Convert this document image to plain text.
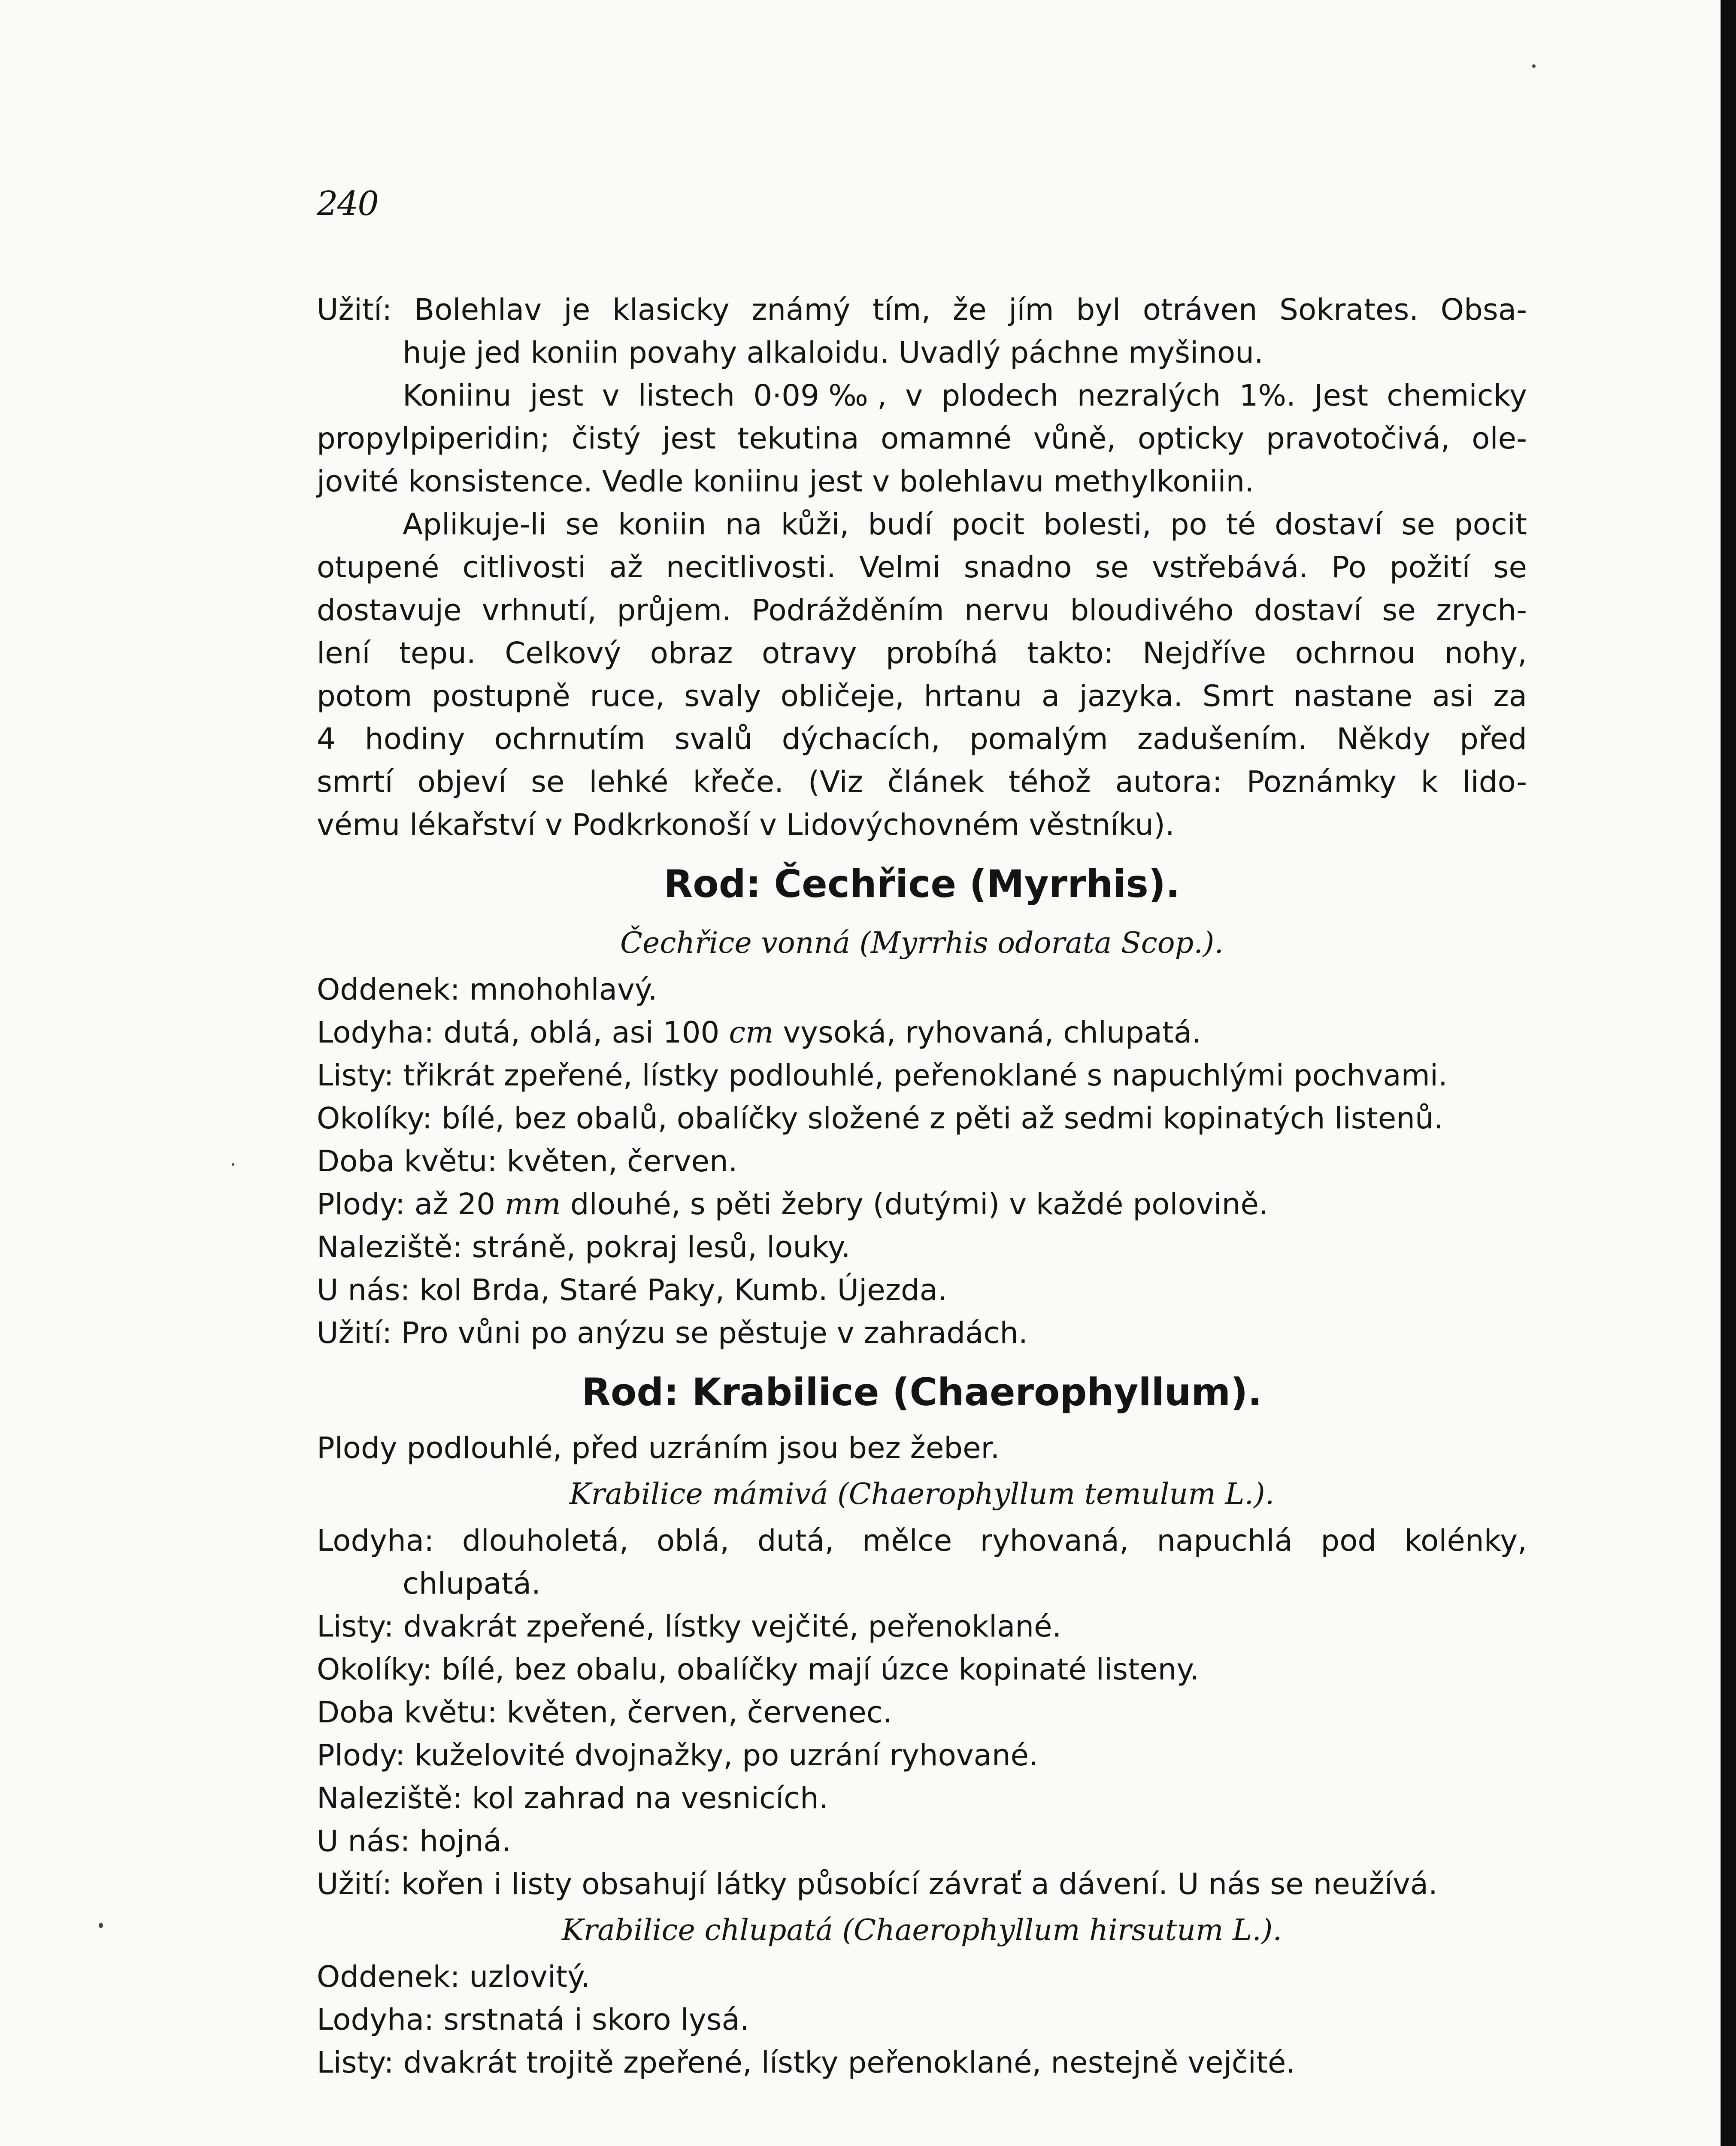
240

Užití: Bolehlav je klasicky známý tím, že jím byl otráven Sokrates. Obsa-

huje jed koniin povahy alkaloidu. Uvadlý páchne myšinou.

Koniinu jest v listech 0·09‰, v plodech nezralých 1%. Jest chemicky

propylpiperidin; čistý jest tekutina omamné vůně, opticky pravotočivá, ole-

jovité konsistence. Vedle koniinu jest v bolehlavu methylkoniin.

Aplikuje-li se koniin na kůži, budí pocit bolesti, po té dostaví se pocit

otupené citlivosti až necitlivosti. Velmi snadno se vstřebává. Po požití se

dostavuje vrhnutí, průjem. Podrážděním nervu bloudivého dostaví se zrych-

lení tepu. Celkový obraz otravy probíhá takto: Nejdříve ochrnou nohy,

potom postupně ruce, svaly obličeje, hrtanu a jazyka. Smrt nastane asi za

4 hodiny ochrnutím svalů dýchacích, pomalým zadušením. Někdy před

smrtí objeví se lehké křeče. (Viz článek téhož autora: Poznámky k lido-

vému lékařství v Podkrkonoší v Lidovýchovném věstníku).

Rod: Čechřice (Myrrhis).

Čechřice vonná (Myrrhis odorata Scop.).

Oddenek: mnohohlavý.

Lodyha: dutá, oblá, asi 100 cm vysoká, ryhovaná, chlupatá.

Listy: třikrát zpeřené, lístky podlouhlé, peřenoklané s napuchlými pochvami.

Okolíky: bílé, bez obalů, obalíčky složené z pěti až sedmi kopinatých listenů.

Doba květu: květen, červen.

Plody: až 20 mm dlouhé, s pěti žebry (dutými) v každé polovině.

Naleziště: stráně, pokraj lesů, louky.

U nás: kol Brda, Staré Paky, Kumb. Újezda.

Užití: Pro vůni po anýzu se pěstuje v zahradách.

Rod: Krabilice (Chaerophyllum).

Plody podlouhlé, před uzráním jsou bez žeber.

Krabilice mámivá (Chaerophyllum temulum L.).

Lodyha: dlouholetá, oblá, dutá, mělce ryhovaná, napuchlá pod kolénky,

chlupatá.

Listy: dvakrát zpeřené, lístky vejčité, peřenoklané.

Okolíky: bílé, bez obalu, obalíčky mají úzce kopinaté listeny.

Doba květu: květen, červen, červenec.

Plody: kuželovité dvojnažky, po uzrání ryhované.

Naleziště: kol zahrad na vesnicích.

U nás: hojná.

Užití: kořen i listy obsahují látky působící závrať a dávení. U nás se neužívá.

Krabilice chlupatá (Chaerophyllum hirsutum L.).

Oddenek: uzlovitý.

Lodyha: srstnatá i skoro lysá.

Listy: dvakrát trojitě zpeřené, lístky peřenoklané, nestejně vejčité.
